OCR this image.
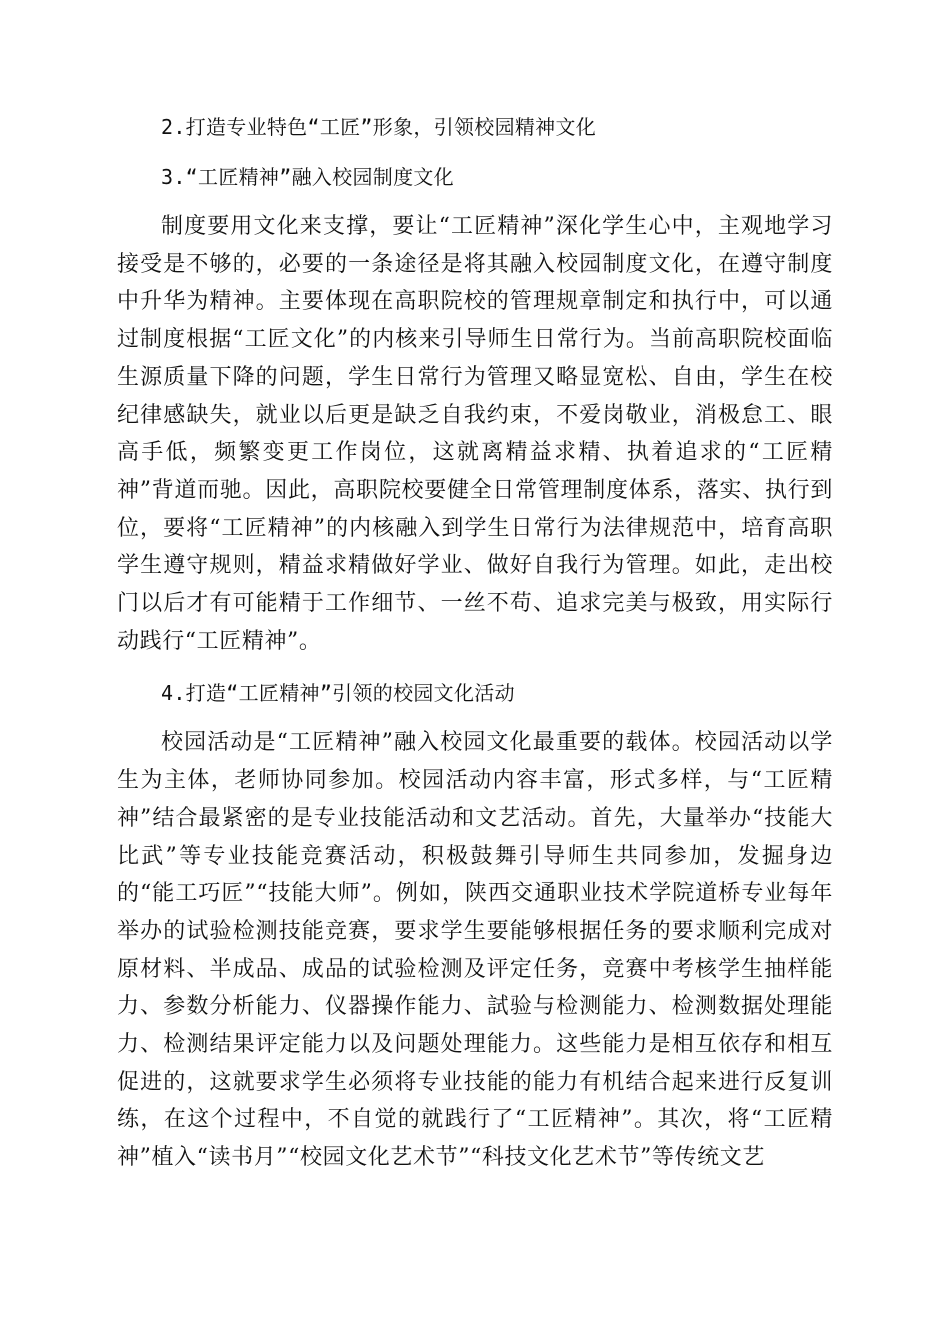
2.打造专业特色“工匠”形象，引领校园精神文化

3.“工匠精神”融入校园制度文化

制度要用文化来支撑，要让“工匠精神”深化学生心中，主观地学习接受是不够的，必要的一条途径是将其融入校园制度文化，在遵守制度中升华为精神。主要体现在高职院校的管理规章制定和执行中，可以通过制度根据“工匠文化”的内核来引导师生日常行为。当前高职院校面临生源质量下降的问题，学生日常行为管理又略显宽松、自由，学生在校纪律感缺失，就业以后更是缺乏自我约束，不爱岗敬业，消极怠工、眼高手低，频繁变更工作岗位，这就离精益求精、执着追求的“工匠精神”背道而驰。因此，高职院校要健全日常管理制度体系，落实、执行到位，要将“工匠精神”的内核融入到学生日常行为法律规范中，培育高职学生遵守规则，精益求精做好学业、做好自我行为管理。如此，走出校门以后才有可能精于工作细节、一丝不苟、追求完美与极致，用实际行动践行“工匠精神”。

4.打造“工匠精神”引领的校园文化活动

校园活动是“工匠精神”融入校园文化最重要的载体。校园活动以学生为主体，老师协同参加。校园活动内容丰富，形式多样，与“工匠精神”结合最紧密的是专业技能活动和文艺活动。首先，大量举办“技能大比武”等专业技能竞赛活动，积极鼓舞引导师生共同参加，发掘身边的“能工巧匠”“技能大师”。例如，陕西交通职业技术学院道桥专业每年举办的试验检测技能竞赛，要求学生要能够根据任务的要求顺利完成对原材料、半成品、成品的试验检测及评定任务，竞赛中考核学生抽样能力、参数分析能力、仪器操作能力、試验与检测能力、检测数据处理能力、检测结果评定能力以及问题处理能力。这些能力是相互依存和相互促进的，这就要求学生必须将专业技能的能力有机结合起来进行反复训练，在这个过程中，不自觉的就践行了“工匠精神”。其次，将“工匠精神”植入“读书月”“校园文化艺术节”“科技文化艺术节”等传统文艺
